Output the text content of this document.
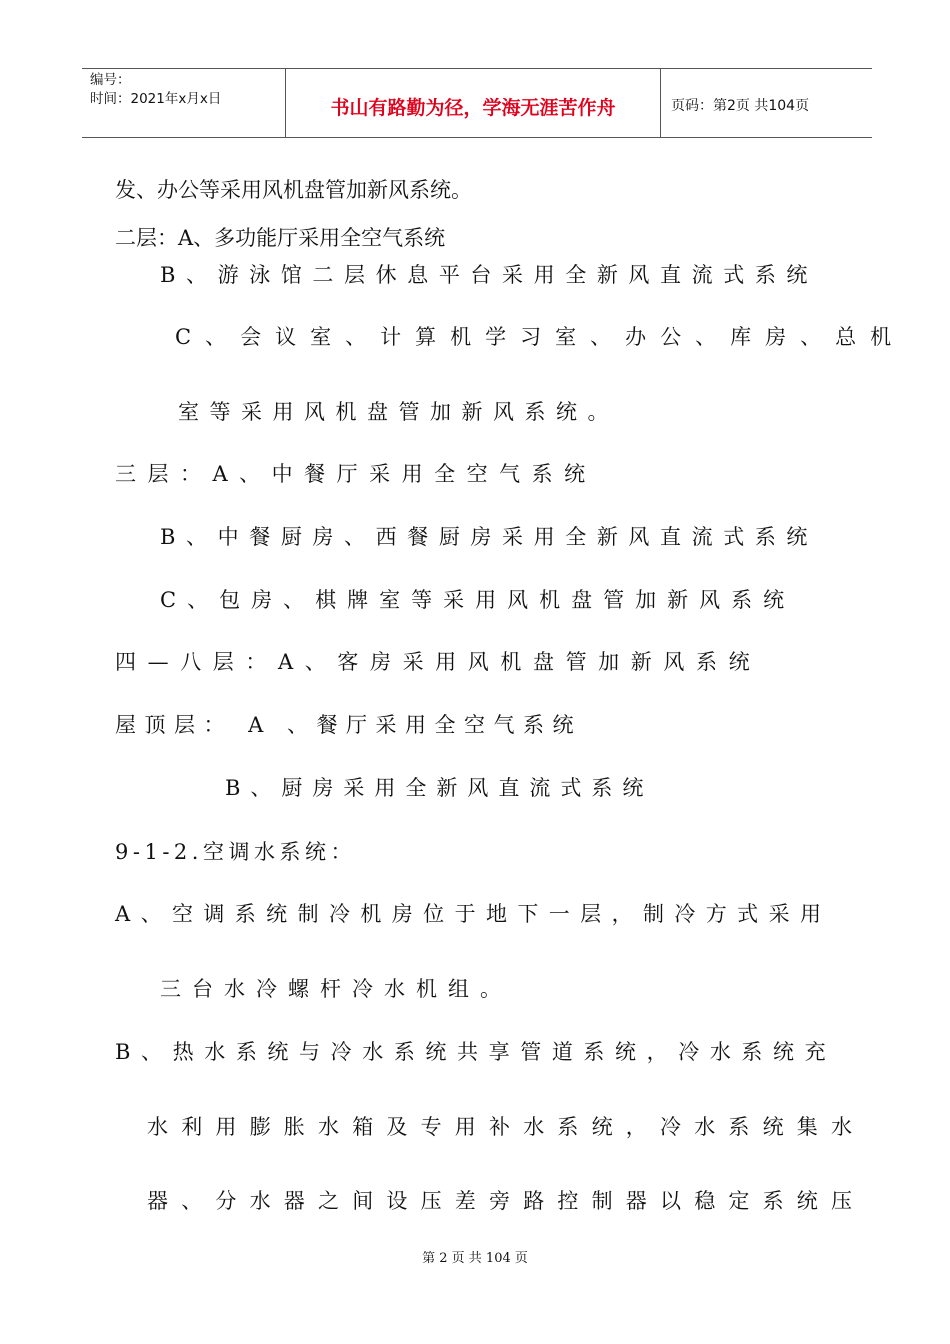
编号：
时间：2021年x月x日	书山有路勤为径，学海无涯苦作舟	页码：第2页 共104页
发、办公等采用风机盘管加新风系统。
二层：A、多功能厅采用全空气系统
B、游泳馆二层休息平台采用全新风直流式系统
C、会议室、计算机学习室、办公、库房、总机
室等采用风机盘管加新风系统。
三层：A、中餐厅采用全空气系统
B、中餐厨房、西餐厨房采用全新风直流式系统
C、包房、棋牌室等采用风机盘管加新风系统
四—八层：A、客房采用风机盘管加新风系统
屋顶层： A 、餐厅采用全空气系统
B、厨房采用全新风直流式系统
9-1-2.空调水系统：
A、空调系统制冷机房位于地下一层，制冷方式采用
三台水冷螺杆冷水机组。
B、热水系统与冷水系统共享管道系统，冷水系统充
水利用膨胀水箱及专用补水系统，冷水系统集水
器、分水器之间设压差旁路控制器以稳定系统压
第 2 页 共 104 页
